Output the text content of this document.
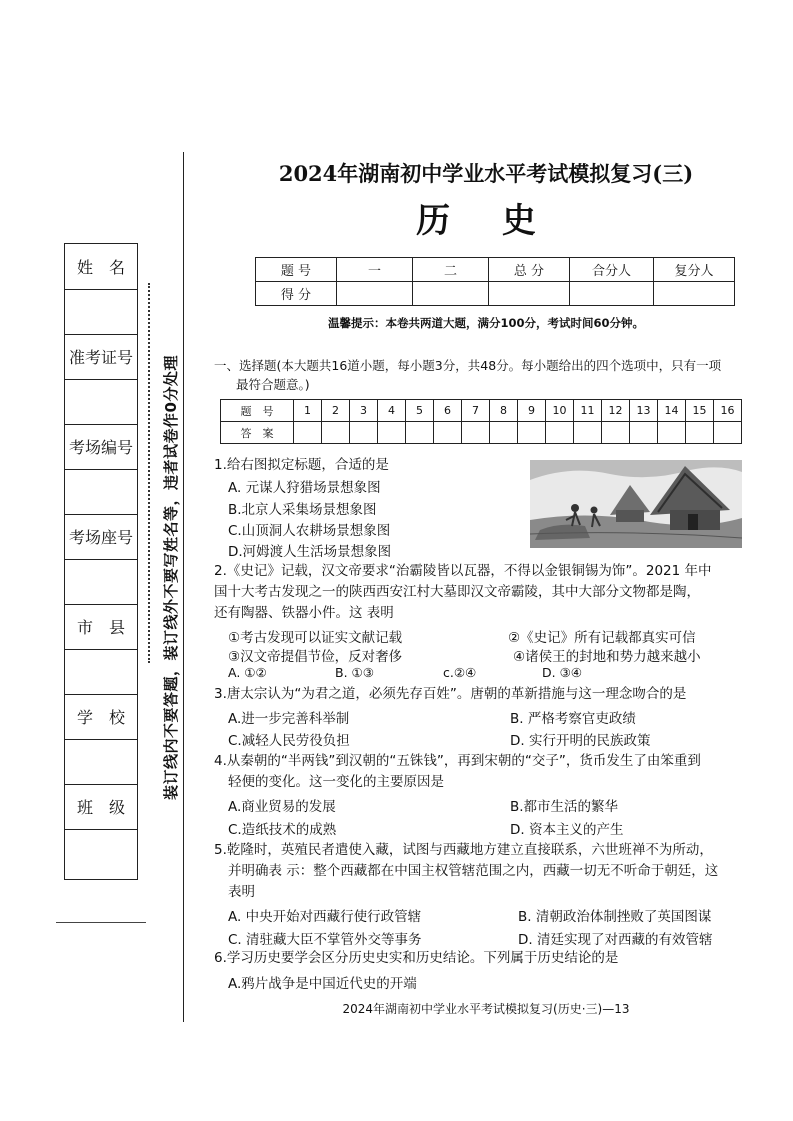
姓　名
准考证号
考场编号
考场座号
市　县
学　校
班　级
装订线内不要答题，装订线外不要写姓名等，违者试卷作0分处理
2024年湖南初中学业水平考试模拟复习(三)
历 史
题 号	一	二	总 分	合分人	复分人
得 分					
温馨提示：本卷共两道大题，满分100分，考试时间60分钟。
一、选择题(本大题共16道小题，每小题3分，共48分。每小题给出的四个选项中，只有一项
最符合题意。)
题　号	1	2	3	4	5	6	7	8	9	10	11	12	13	14	15	16
答　案																
1.给右图拟定标题，合适的是
A. 元谋人狩猎场景想象图
B.北京人采集场景想象图
C.山顶洞人农耕场景想象图
D.河姆渡人生活场景想象图
2.《史记》记载，汉文帝要求“治霸陵皆以瓦器，不得以金银铜锡为饰”。2021 年中
国十大考古发现之一的陕西西安江村大墓即汉文帝霸陵，其中大部分文物都是陶，
还有陶器、铁器小件。这 表明
①考古发现可以证实文献记载	②《史记》所有记载都真实可信
③汉文帝提倡节俭，反对奢侈	④诸侯王的封地和势力越来越小
A. ①②	B. ①③	c.②④	D. ③④
3.唐太宗认为“为君之道，必须先存百姓”。唐朝的革新措施与这一理念吻合的是
A.进一步完善科举制	B. 严格考察官吏政绩
C.减轻人民劳役负担	D. 实行开明的民族政策
4.从秦朝的“半两钱”到汉朝的“五铢钱”，再到宋朝的“交子”，货币发生了由笨重到
轻便的变化。这一变化的主要原因是
A.商业贸易的发展	B.都市生活的繁华
C.造纸技术的成熟	D. 资本主义的产生
5.乾隆时，英殖民者遣使入藏，试图与西藏地方建立直接联系，六世班禅不为所动，
并明确表 示：整个西藏都在中国主权管辖范围之内，西藏一切无不听命于朝廷，这
表明
A. 中央开始对西藏行使行政管辖	B. 清朝政治体制挫败了英国图谋
C. 清驻藏大臣不掌管外交等事务	D. 清廷实现了对西藏的有效管辖
6.学习历史要学会区分历史史实和历史结论。下列属于历史结论的是
A.鸦片战争是中国近代史的开端
2024年湖南初中学业水平考试模拟复习(历史·三)—13
